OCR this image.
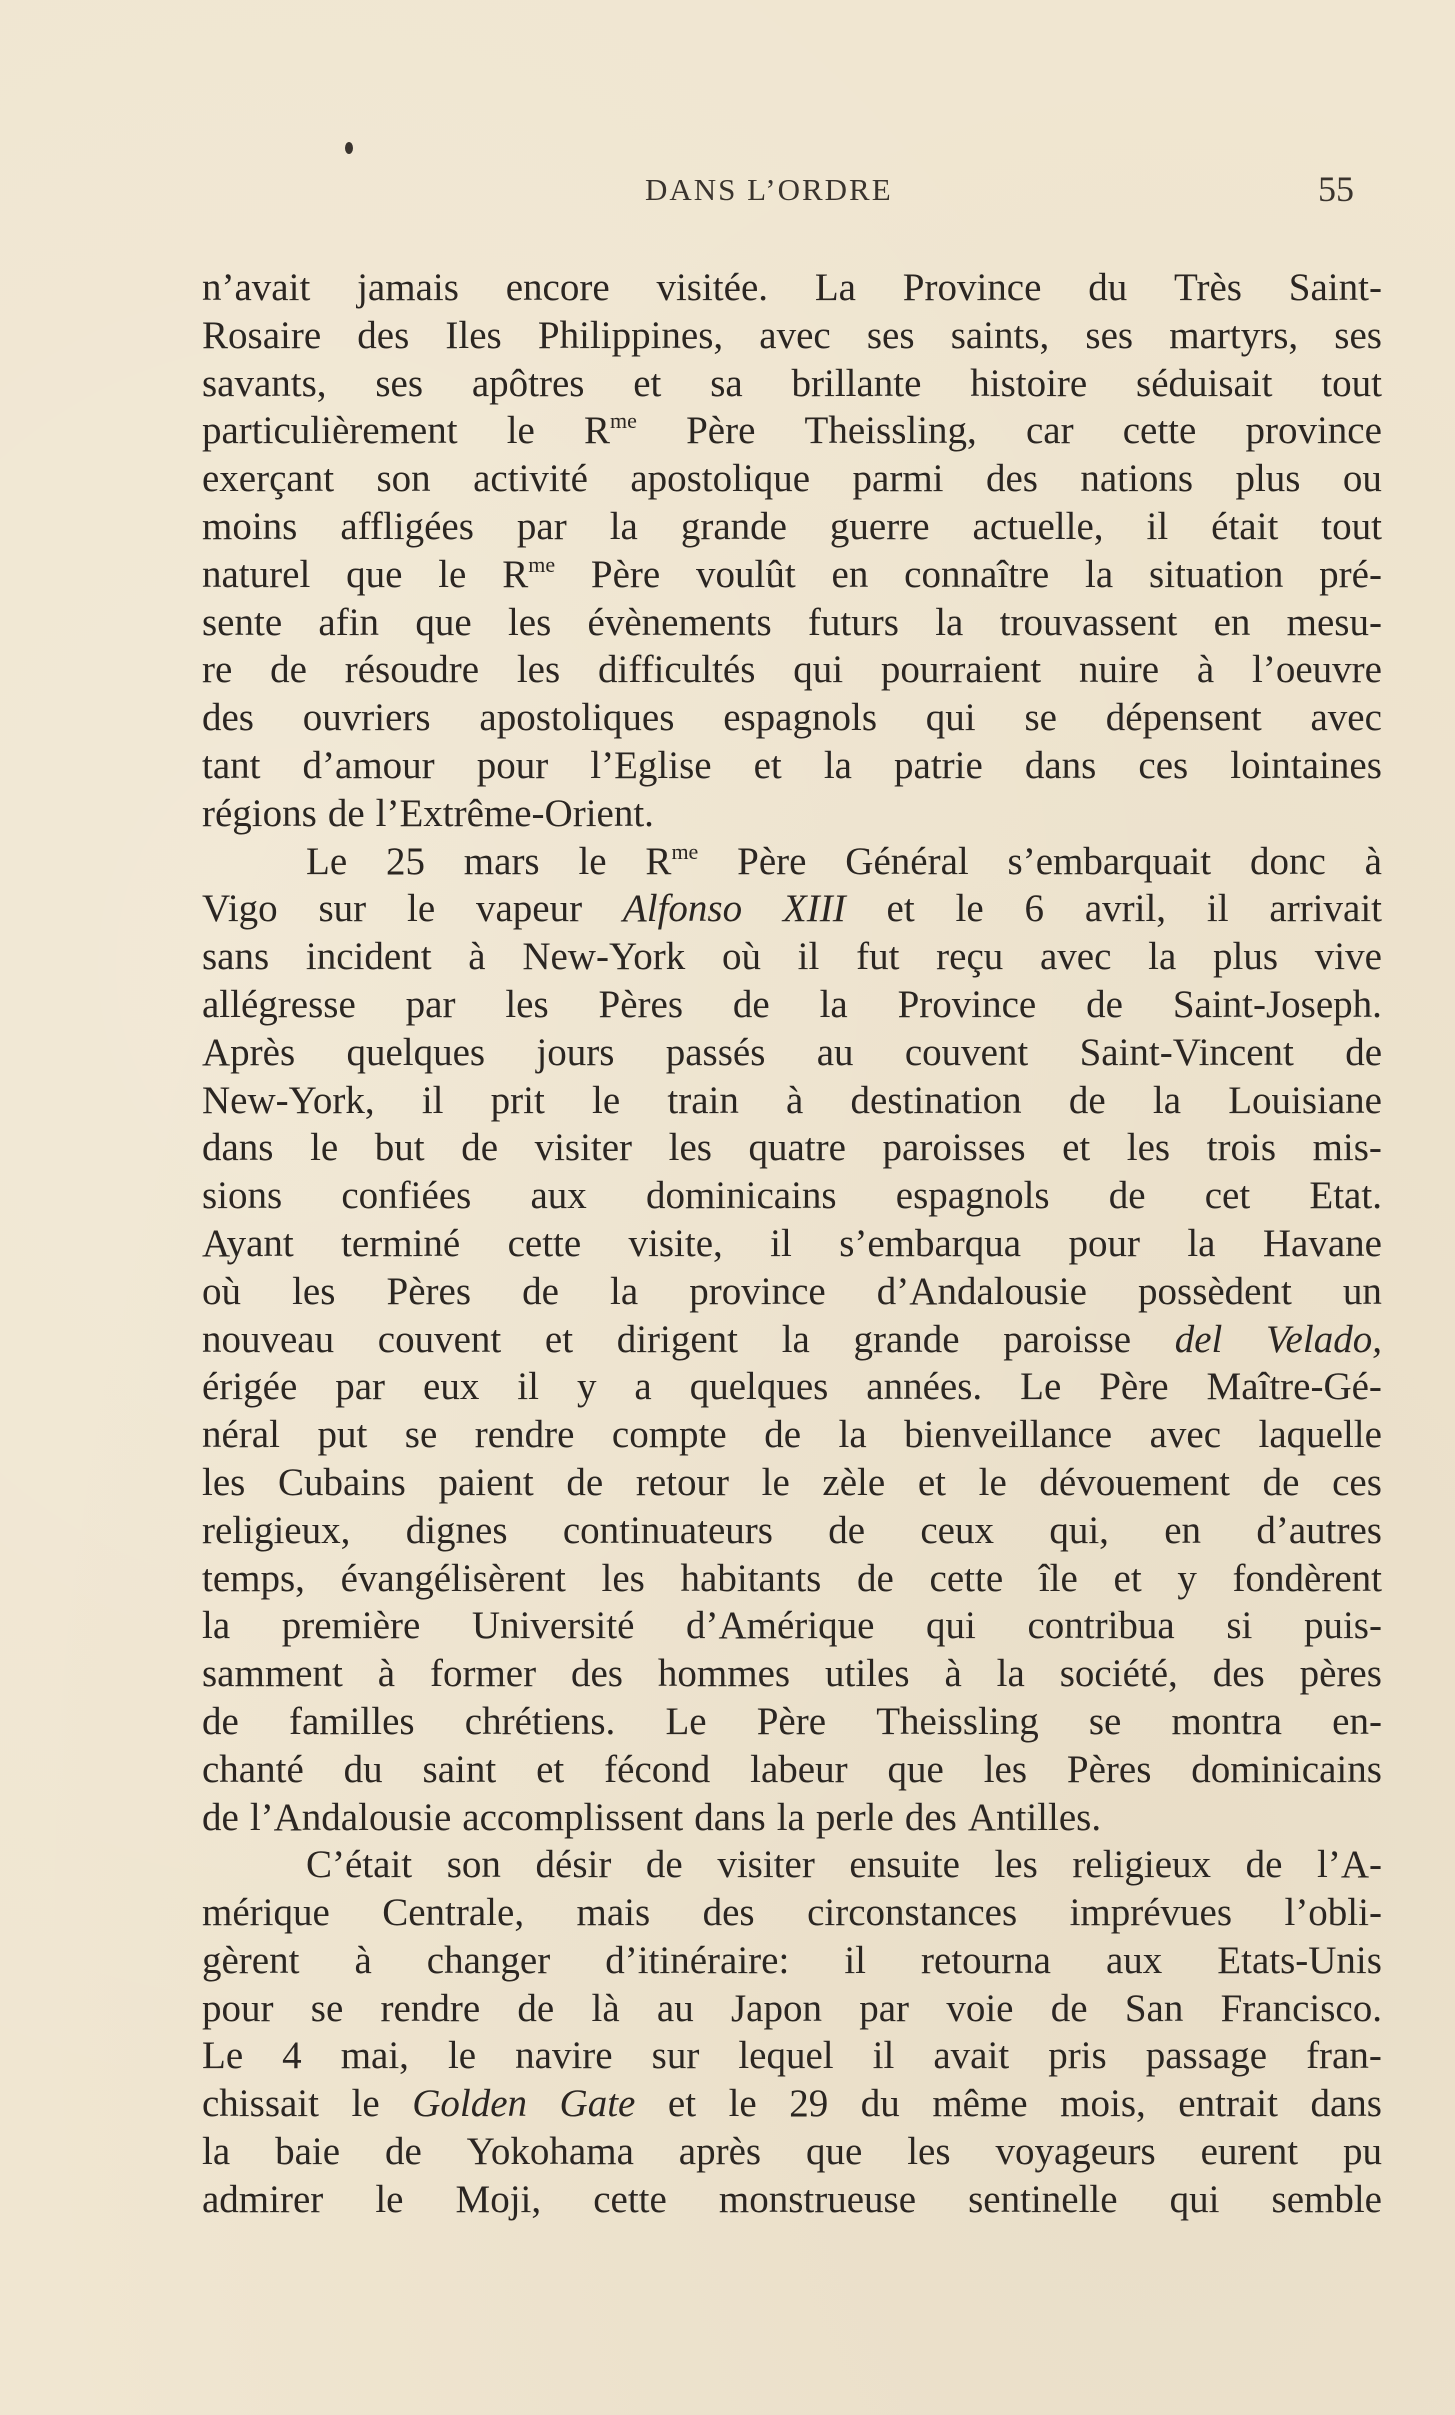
DANS L’ORDRE	55
n’avait jamais encore visitée. La Province du Très Saint-
Rosaire des Iles Philippines, avec ses saints, ses martyrs, ses
savants, ses apôtres et sa brillante histoire séduisait tout
particulièrement le $R^{me}$ Père Theissling, car cette province
exerçant son activité apostolique parmi des nations plus ou
moins affligées par la grande guerre actuelle, il était tout
naturel que le $R^{me}$ Père voulût en connaître la situation pré-
sente afin que les évènements futurs la trouvassent en mesu-
re de résoudre les difficultés qui pourraient nuire à l’oeuvre
des ouvriers apostoliques espagnols qui se dépensent avec
tant d’amour pour l’Eglise et la patrie dans ces lointaines
régions de l’Extrême-Orient.
Le 25 mars le $R^{me}$ Père Général s’embarquait donc à
Vigo sur le vapeur Alfonso XIII et le 6 avril, il arrivait
sans incident à New-York où il fut reçu avec la plus vive
allégresse par les Pères de la Province de Saint-Joseph.
Après quelques jours passés au couvent Saint-Vincent de
New-York, il prit le train à destination de la Louisiane
dans le but de visiter les quatre paroisses et les trois mis-
sions confiées aux dominicains espagnols de cet Etat.
Ayant terminé cette visite, il s’embarqua pour la Havane
où les Pères de la province d’Andalousie possèdent un
nouveau couvent et dirigent la grande paroisse del Velado,
érigée par eux il y a quelques années. Le Père Maître-Gé-
néral put se rendre compte de la bienveillance avec laquelle
les Cubains paient de retour le zèle et le dévouement de ces
religieux, dignes continuateurs de ceux qui, en d’autres
temps, évangélisèrent les habitants de cette île et y fondèrent
la première Université d’Amérique qui contribua si puis-
samment à former des hommes utiles à la société, des pères
de familles chrétiens. Le Père Theissling se montra en-
chanté du saint et fécond labeur que les Pères dominicains
de l’Andalousie accomplissent dans la perle des Antilles.
C’était son désir de visiter ensuite les religieux de l’A-
mérique Centrale, mais des circonstances imprévues l’obli-
gèrent à changer d’itinéraire: il retourna aux Etats-Unis
pour se rendre de là au Japon par voie de San Francisco.
Le 4 mai, le navire sur lequel il avait pris passage fran-
chissait le Golden Gate et le 29 du même mois, entrait dans
la baie de Yokohama après que les voyageurs eurent pu
admirer le Moji, cette monstrueuse sentinelle qui semble
